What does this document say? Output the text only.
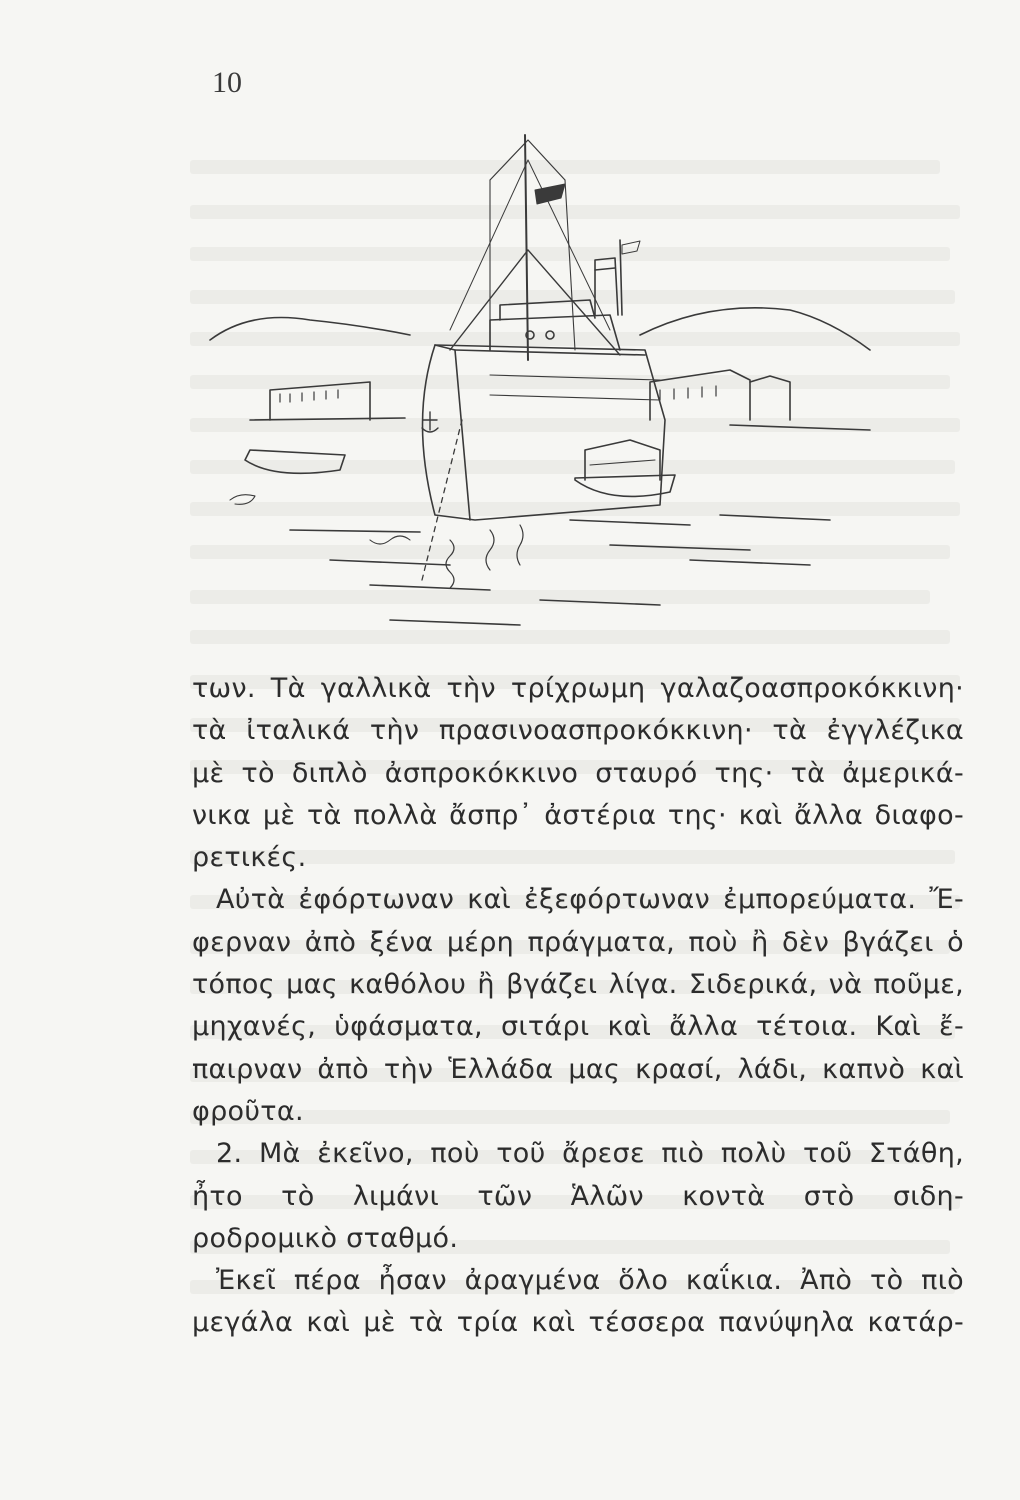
10
των. Τὰ γαλλικὰ τὴν τρίχρωμη γαλαζοασπροκόκκινη·
τὰ ἰταλικά τὴν πρασινοασπροκόκκινη· τὰ ἐγγλέζικα
μὲ τὸ διπλὸ ἀσπροκόκκινο σταυρό της· τὰ ἀμερικά-
νικα μὲ τὰ πολλὰ ἄσπρ᾿ ἀστέρια της· καὶ ἄλλα διαφο-
ρετικές.
Αὐτὰ ἐφόρτωναν καὶ ἐξεφόρτωναν ἐμπορεύματα. Ἔ-
φερναν ἀπὸ ξένα μέρη πράγματα, ποὺ ἢ δὲν βγάζει ὁ
τόπος μας καθόλου ἢ βγάζει λίγα. Σιδερικά, νὰ ποῦμε,
μηχανές, ὑφάσματα, σιτάρι καὶ ἄλλα τέτοια. Καὶ ἔ-
παιρναν ἀπὸ τὴν Ἑλλάδα μας κρασί, λάδι, καπνὸ καὶ
φροῦτα.
2. Μὰ ἐκεῖνο, ποὺ τοῦ ἄρεσε πιὸ πολὺ τοῦ Στάθη,
ἦτο τὸ λιμάνι τῶν Ἁλῶν κοντὰ στὸ σιδη-
ροδρομικὸ σταθμό.
Ἐκεῖ πέρα ἦσαν ἀραγμένα ὅλο καΐκια. Ἀπὸ τὸ πιὸ
μεγάλα καὶ μὲ τὰ τρία καὶ τέσσερα πανύψηλα κατάρ-
